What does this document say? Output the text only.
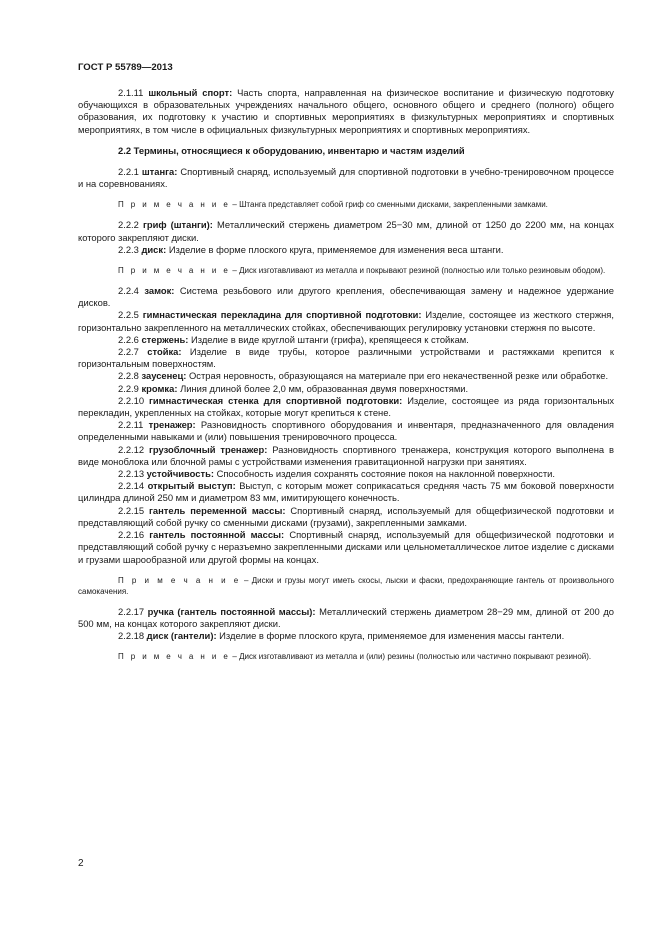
ГОСТ Р 55789—2013

2.1.11 школьный спорт: Часть спорта, направленная на физическое воспитание и физическую подготовку обучающихся в образовательных учреждениях начального общего, основного общего и среднего (полного) общего образования, их подготовку к участию и спортивных мероприятиях в физкультурных мероприятиях и спортивных мероприятиях, в том числе в официальных физкультурных мероприятиях и спортивных мероприятиях.

2.2 Термины, относящиеся к оборудованию, инвентарю и частям изделий

2.2.1 штанга: Спортивный снаряд, используемый для спортивной подготовки в учебно-тренировочном процессе и на соревнованиях.

П р и м е ч а н и е – Штанга представляет собой гриф со сменными дисками, закрепленными замками.

2.2.2 гриф (штанги): Металлический стержень диаметром 25−30 мм, длиной от 1250 до 2200 мм, на концах которого закрепляют диски.

2.2.3 диск: Изделие в форме плоского круга, применяемое для изменения веса штанги.

П р и м е ч а н и е – Диск изготавливают из металла и покрывают резиной (полностью или только резиновым ободом).

2.2.4 замок: Система резьбового или другого крепления, обеспечивающая замену и надежное удержание дисков.

2.2.5 гимнастическая перекладина для спортивной подготовки: Изделие, состоящее из жесткого стержня, горизонтально закрепленного на металлических стойках, обеспечивающих регулировку установки стержня по высоте.

2.2.6 стержень: Изделие в виде круглой штанги (грифа), крепящееся к стойкам.

2.2.7 стойка: Изделие в виде трубы, которое различными устройствами и растяжками крепится к горизонтальным поверхностям.

2.2.8 заусенец: Острая неровность, образующаяся на материале при его некачественной резке или обработке.

2.2.9 кромка: Линия длиной более 2,0 мм, образованная двумя поверхностями.

2.2.10 гимнастическая стенка для спортивной подготовки: Изделие, состоящее из ряда горизонтальных перекладин, укрепленных на стойках, которые могут крепиться к стене.

2.2.11 тренажер: Разновидность спортивного оборудования и инвентаря, предназначенного для овладения определенными навыками и (или) повышения тренировочного процесса.

2.2.12 грузоблочный тренажер: Разновидность спортивного тренажера, конструкция которого выполнена в виде моноблока или блочной рамы с устройствами изменения гравитационной нагрузки при занятиях.

2.2.13 устойчивость: Способность изделия сохранять состояние покоя на наклонной поверхности.

2.2.14 открытый выступ: Выступ, с которым может соприкасаться средняя часть 75 мм боковой поверхности цилиндра длиной 250 мм и диаметром 83 мм, имитирующего конечность.

2.2.15 гантель переменной массы: Спортивный снаряд, используемый для общефизической подготовки и представляющий собой ручку со сменными дисками (грузами), закрепленными замками.

2.2.16 гантель постоянной массы: Спортивный снаряд, используемый для общефизической подготовки и представляющий собой ручку с неразъемно закрепленными дисками или цельнометаллическое литое изделие с дисками и грузами шарообразной или другой формы на концах.

П р и м е ч а н и е – Диски и грузы могут иметь скосы, лыски и фаски, предохраняющие гантель от произвольного самокачения.

2.2.17 ручка (гантель постоянной массы): Металлический стержень диаметром 28−29 мм, длиной от 200 до 500 мм, на концах которого закрепляют диски.

2.2.18 диск (гантели): Изделие в форме плоского круга, применяемое для изменения массы гантели.

П р и м е ч а н и е – Диск изготавливают из металла и (или) резины (полностью или частично покрывают резиной).

2
